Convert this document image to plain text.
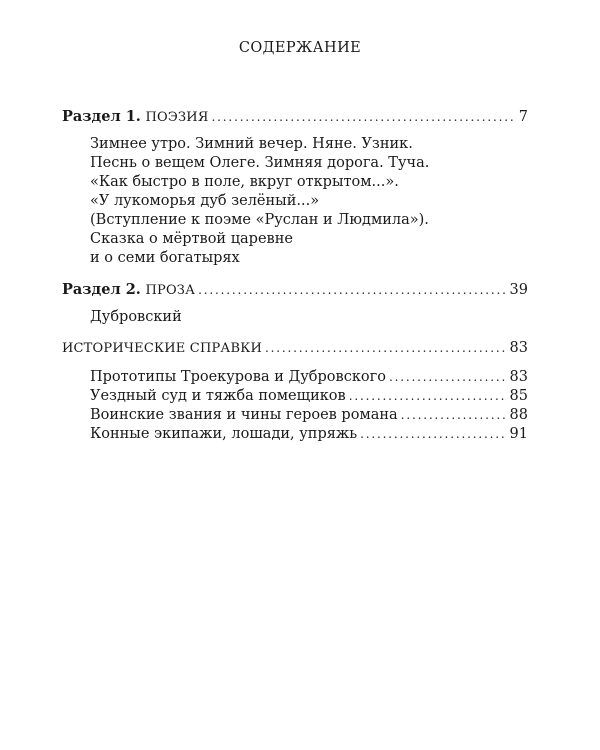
СОДЕРЖАНИЕ
Раздел 1. ПОЭЗИЯ . . .	7
Зимнее утро. Зимний вечер. Няне. Узник.
Песнь о вещем Олеге. Зимняя дорога. Туча.
«Как быстро в поле, вкруг открытом...».
«У лукоморья дуб зелёный...»
(Вступление к поэме «Руслан и Людмила»).
Сказка о мёртвой царевне
и о семи богатырях
Раздел 2. ПРОЗА . . .	39
Дубровский
ИСТОРИЧЕСКИЕ СПРАВКИ . . .	83
Прототипы Троекурова и Дубровского . . .	83
Уездный суд и тяжба помещиков . . .	85
Воинские звания и чины героев романа . . .	88
Конные экипажи, лошади, упряжь . . .	91
